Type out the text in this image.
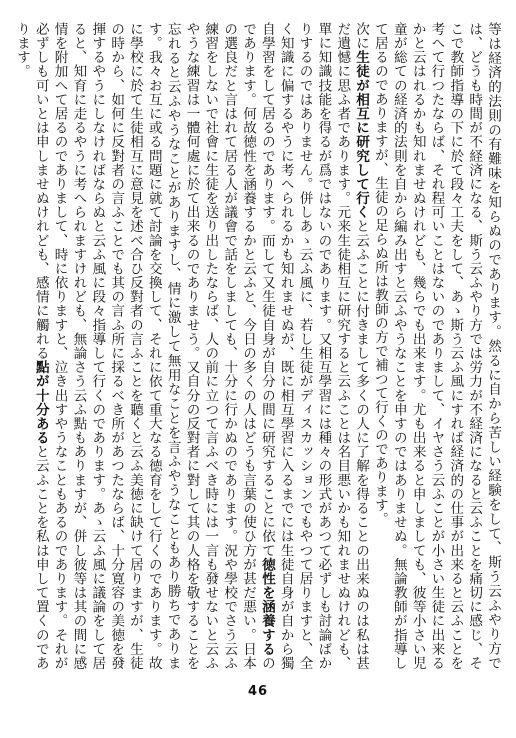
等は経済的法則の有難味を知らぬのであります。然るに自から苦しい経験をして、斯う云ふやり方では、どうも時間が不経済になる、斯う云ふやり方では労力が不経済になると云ふことを痛切に感じ、そこで教師指導の下に於て段々工夫をして、あゝ斯う云ふ風にすれば経済的の仕事が出来ると云ふことを考へて行つたならば、それ程可いことはないのでありまして、イヤさう云ふことが小さい生徒に出来るかと云はれるかも知れませぬけれども、幾らでも出来ます。尤も出来ると申しましても、彼等小さい児童が総ての経済的法則を自から編み出すと云ふやうなことを申すのではありませぬ。無論教師が指導して居るのでありますが、生徒の足らぬ所は教師の方で補つて行くのであります。

次に生徒が相互に研究して行くと云ふことに付きまして多くの人に了解を得ることの出来ぬのは私は甚だ遺憾に思ふ者であります。元来生徒相互に研究すると云ふことは名目悪いかも知れませぬけれども、單に知識技能を得るが爲ではないのであります。又相互學習には種々の形式があつて必ずしも討論ばかりするのではありません。併しあゝ云ふ風に、若し生徒がディスカッションでもやつて居りますと、全く知識に偏するやうに考へられるかも知れませぬが、既に相互學習に入るまでには生徒自身が自から獨自學習をして居るのであります。而して又生徒自身が自分の間に研究することに依て徳性を涵養するのであります。何故徳性を涵養するかと云ふと、今日の多くの人はどうも言葉の使ひ方が甚だ悪い。日本の選良だと言はれて居る人が議會で話をしましても、十分に行かぬのであります。況や學校でさう云ふ練習をしないで社會に生徒を送り出したならば、人の前に立つて言ふべき時には一言も發せないと云ふやうな練習は一體何處に於て出来るのでありませう。又自分の反對者に對して其の人格を敬することを忘れると云ふやうなことがありますし、情に激して無用なことを言ふやうなこともあり勝ちであります。我々お互に或る問題に就て討論を交換して、それに依て重大なる徳育をして行くのであります。故に學校に於て生徒相互に意見を述べ合ひ反對者の言ふことを聽くと云ふ美徳に缺けて居りますが、生徒の時から、如何に反對者の言ふことでも其の言ふ所に採るべき所があつたならば、十分寛容の美徳を發揮するやうにしなければならぬと云ふ風に段々指導して行くのであります。あゝ云ふ風に議論をして居ると、知育に走るやうに考へられますけれども、無論さう云ふ點もありますが、併し彼等は其の間に感情を附加へて居るのでありまして、時に依りますと、泣き出すやうなこともあるのであります。それが必ずしも可いとは申しませぬけれども、感情に觸れる點が十分あると云ふことを私は申して置くのであります。

46
